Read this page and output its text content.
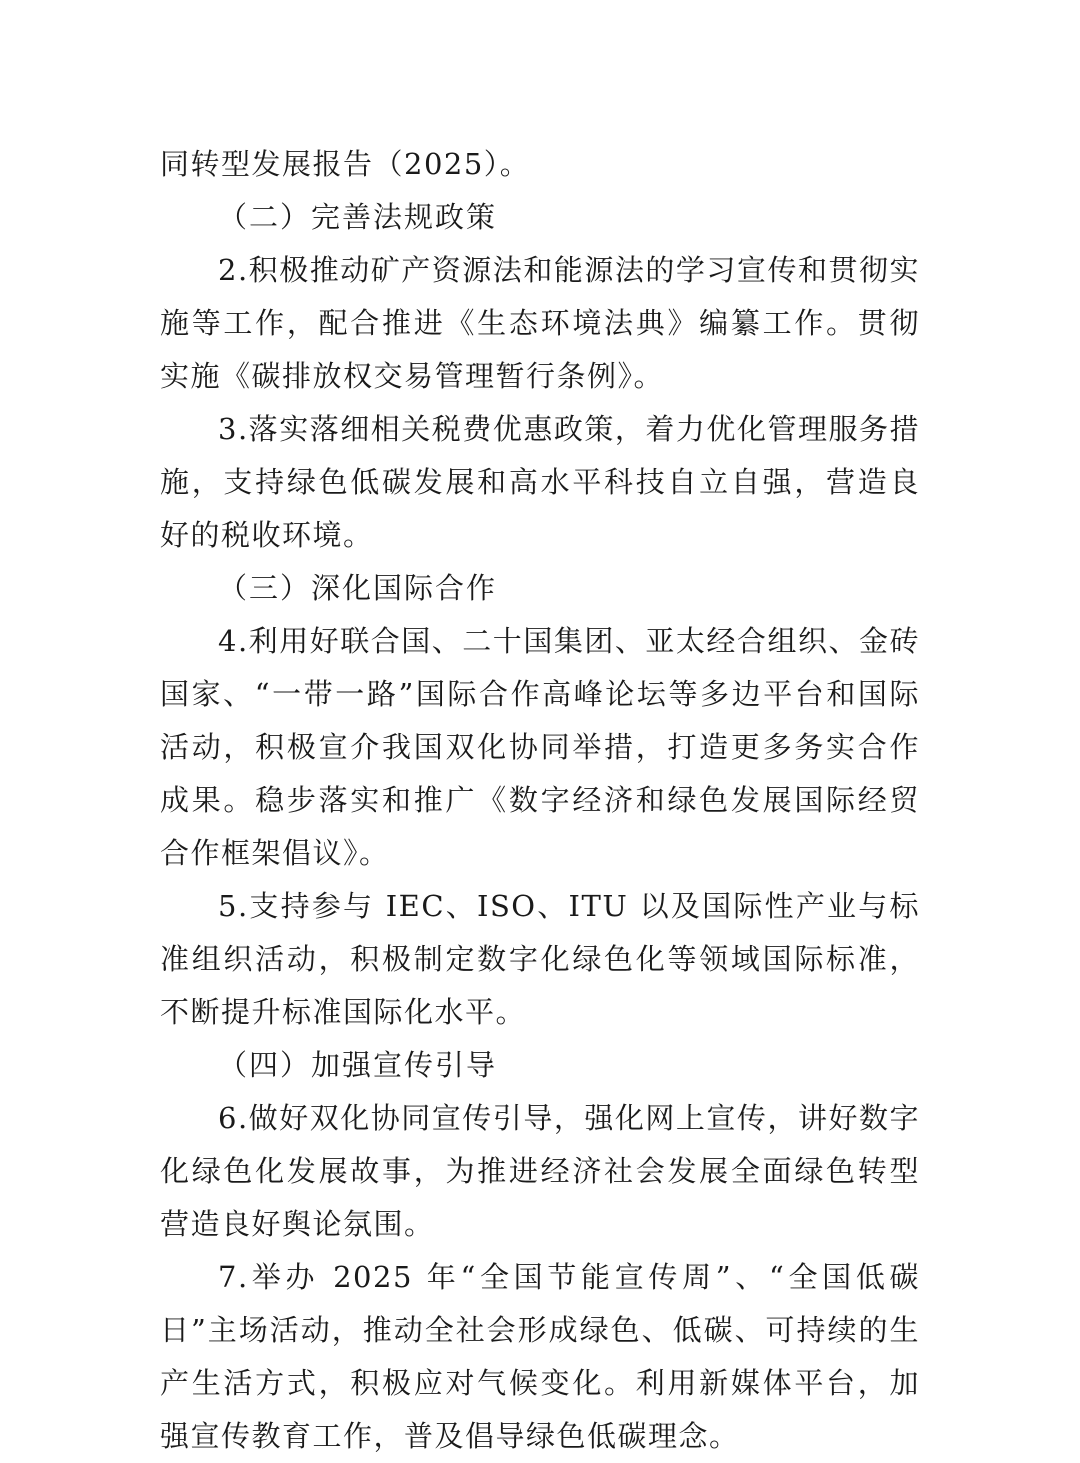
同转型发展报告（2025）。

（二）完善法规政策

2.积极推动矿产资源法和能源法的学习宣传和贯彻实施等工作，配合推进《生态环境法典》编纂工作。贯彻实施《碳排放权交易管理暂行条例》。

3.落实落细相关税费优惠政策，着力优化管理服务措施，支持绿色低碳发展和高水平科技自立自强，营造良好的税收环境。

（三）深化国际合作

4.利用好联合国、二十国集团、亚太经合组织、金砖国家、“一带一路”国际合作高峰论坛等多边平台和国际活动，积极宣介我国双化协同举措，打造更多务实合作成果。稳步落实和推广《数字经济和绿色发展国际经贸合作框架倡议》。

5.支持参与 IEC、ISO、ITU 以及国际性产业与标准组织活动，积极制定数字化绿色化等领域国际标准，不断提升标准国际化水平。

（四）加强宣传引导

6.做好双化协同宣传引导，强化网上宣传，讲好数字化绿色化发展故事，为推进经济社会发展全面绿色转型营造良好舆论氛围。

7.举办 2025 年“全国节能宣传周”、“全国低碳日”主场活动，推动全社会形成绿色、低碳、可持续的生产生活方式，积极应对气候变化。利用新媒体平台，加强宣传教育工作，普及倡导绿色低碳理念。
